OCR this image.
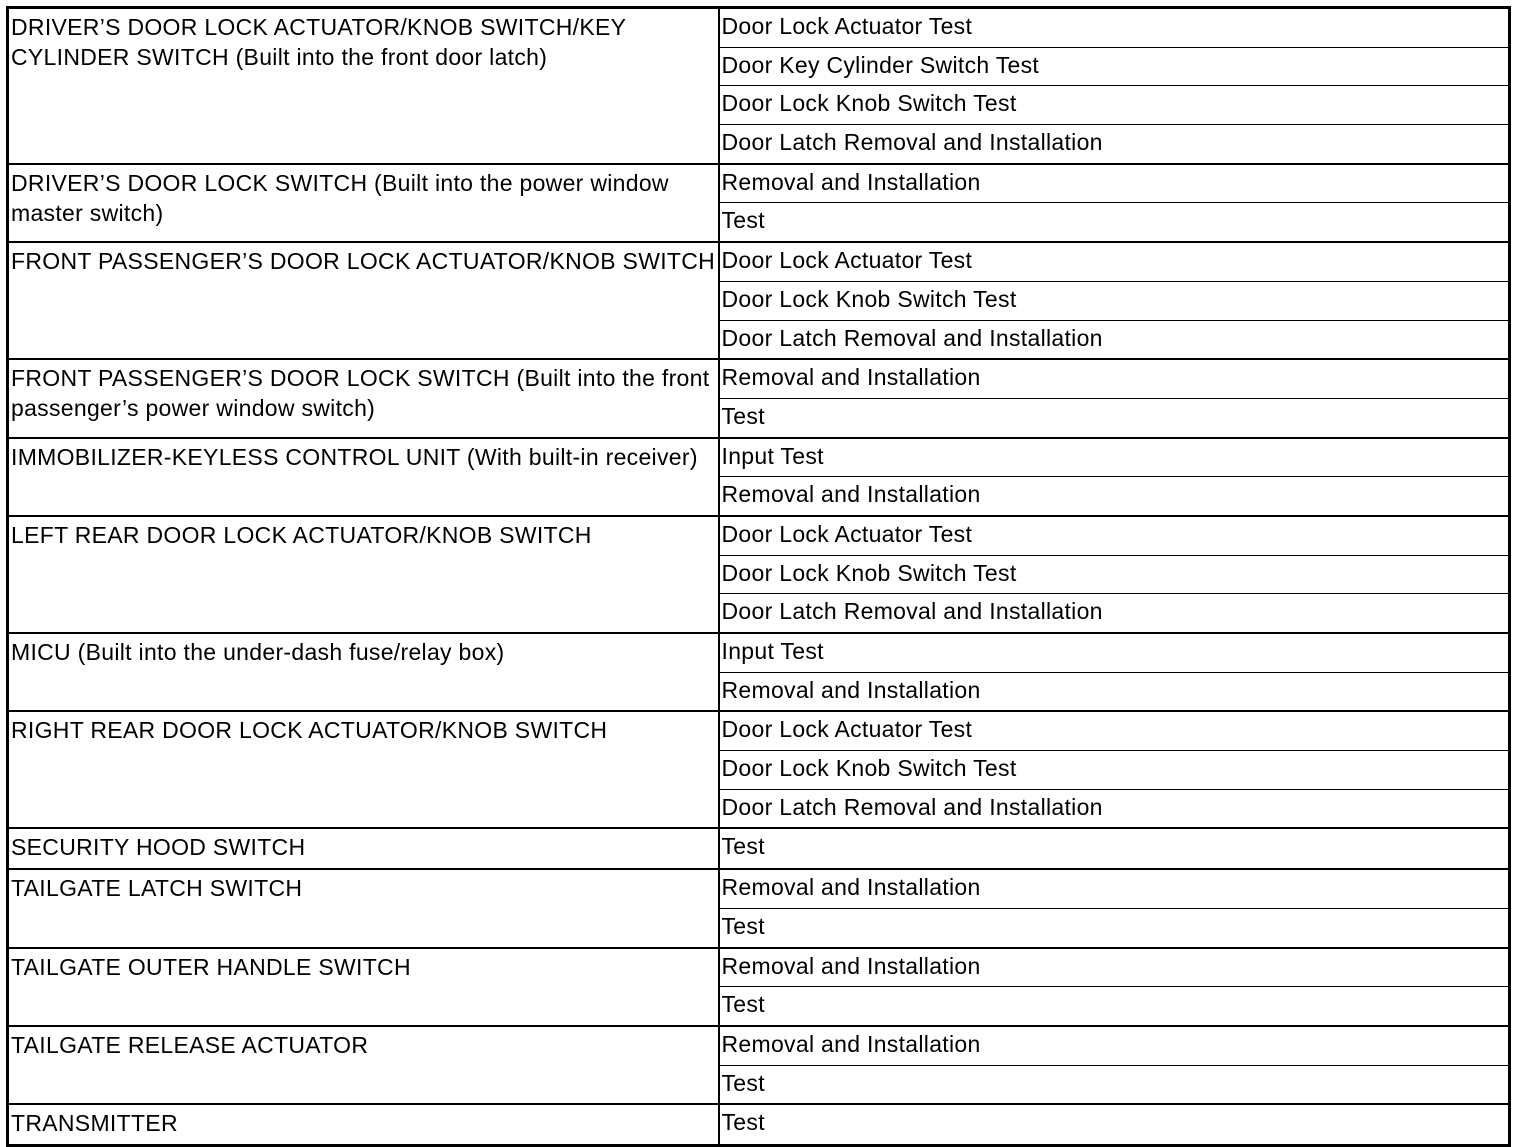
DRIVER’S DOOR LOCK ACTUATOR/KNOB SWITCH/KEY CYLINDER SWITCH (Built into the front door latch)	Door Lock Actuator Test
	Door Key Cylinder Switch Test
	Door Lock Knob Switch Test
	Door Latch Removal and Installation
DRIVER’S DOOR LOCK SWITCH (Built into the power window master switch)	Removal and Installation
	Test
FRONT PASSENGER’S DOOR LOCK ACTUATOR/KNOB SWITCH	Door Lock Actuator Test
	Door Lock Knob Switch Test
	Door Latch Removal and Installation
FRONT PASSENGER’S DOOR LOCK SWITCH (Built into the front passenger’s power window switch)	Removal and Installation
	Test
IMMOBILIZER-KEYLESS CONTROL UNIT (With built-in receiver)	Input Test
	Removal and Installation
LEFT REAR DOOR LOCK ACTUATOR/KNOB SWITCH	Door Lock Actuator Test
	Door Lock Knob Switch Test
	Door Latch Removal and Installation
MICU (Built into the under-dash fuse/relay box)	Input Test
	Removal and Installation
RIGHT REAR DOOR LOCK ACTUATOR/KNOB SWITCH	Door Lock Actuator Test
	Door Lock Knob Switch Test
	Door Latch Removal and Installation
SECURITY HOOD SWITCH	Test
TAILGATE LATCH SWITCH	Removal and Installation
	Test
TAILGATE OUTER HANDLE SWITCH	Removal and Installation
	Test
TAILGATE RELEASE ACTUATOR	Removal and Installation
	Test
TRANSMITTER	Test
